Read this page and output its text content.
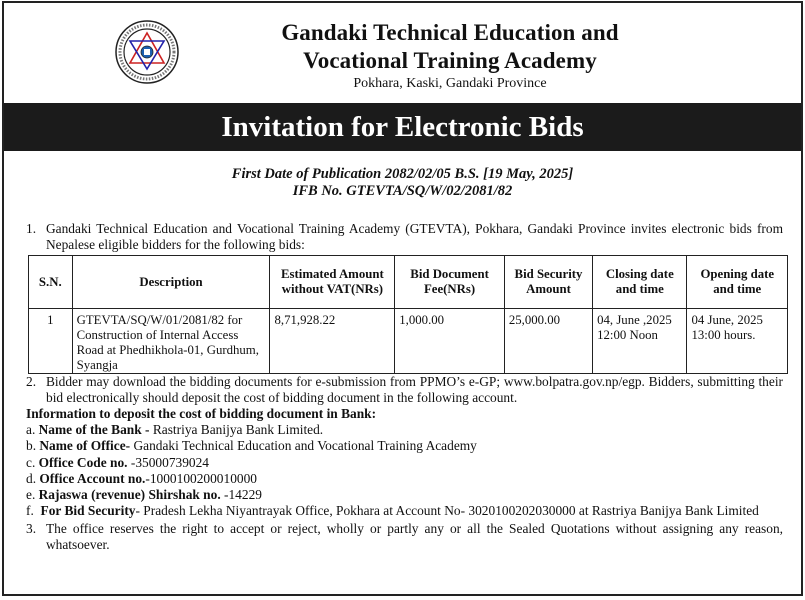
Gandaki Technical Education and
Vocational Training Academy
Pokhara, Kaski, Gandaki Province
Invitation for Electronic Bids
First Date of Publication 2082/02/05 B.S. [19 May, 2025]
IFB No. GTEVTA/SQ/W/02/2081/82
1. Gandaki Technical Education and Vocational Training Academy (GTEVTA), Pokhara, Gandaki Province invites electronic bids from Nepalese eligible bidders for the following bids:
S.N.	Description	Estimated Amount without VAT(NRs)	Bid Document Fee(NRs)	Bid Security Amount	Closing date and time	Opening date and time
1	GTEVTA/SQ/W/01/2081/82 for Construction of Internal Access Road at Phedhikhola-01, Gurdhum, Syangja	8,71,928.22	1,000.00	25,000.00	04, June ,2025 12:00 Noon	04 June, 2025 13:00 hours.
2. Bidder may download the bidding documents for e-submission from PPMO’s e-GP; www.bolpatra.gov.np/egp. Bidders, submitting their bid electronically should deposit the cost of bidding document in the following account.
Information to deposit the cost of bidding document in Bank:
a. Name of the Bank - Rastriya Banijya Bank Limited.
b. Name of Office- Gandaki Technical Education and Vocational Training Academy
c. Office Code no. -35000739024
d. Office Account no.-1000100200010000
e. Rajaswa (revenue) Shirshak no. -14229
f. For Bid Security- Pradesh Lekha Niyantrayak Office, Pokhara at Account No- 3020100202030000 at Rastriya Banijya Bank Limited
3. The office reserves the right to accept or reject, wholly or partly any or all the Sealed Quotations without assigning any reason, whatsoever.
